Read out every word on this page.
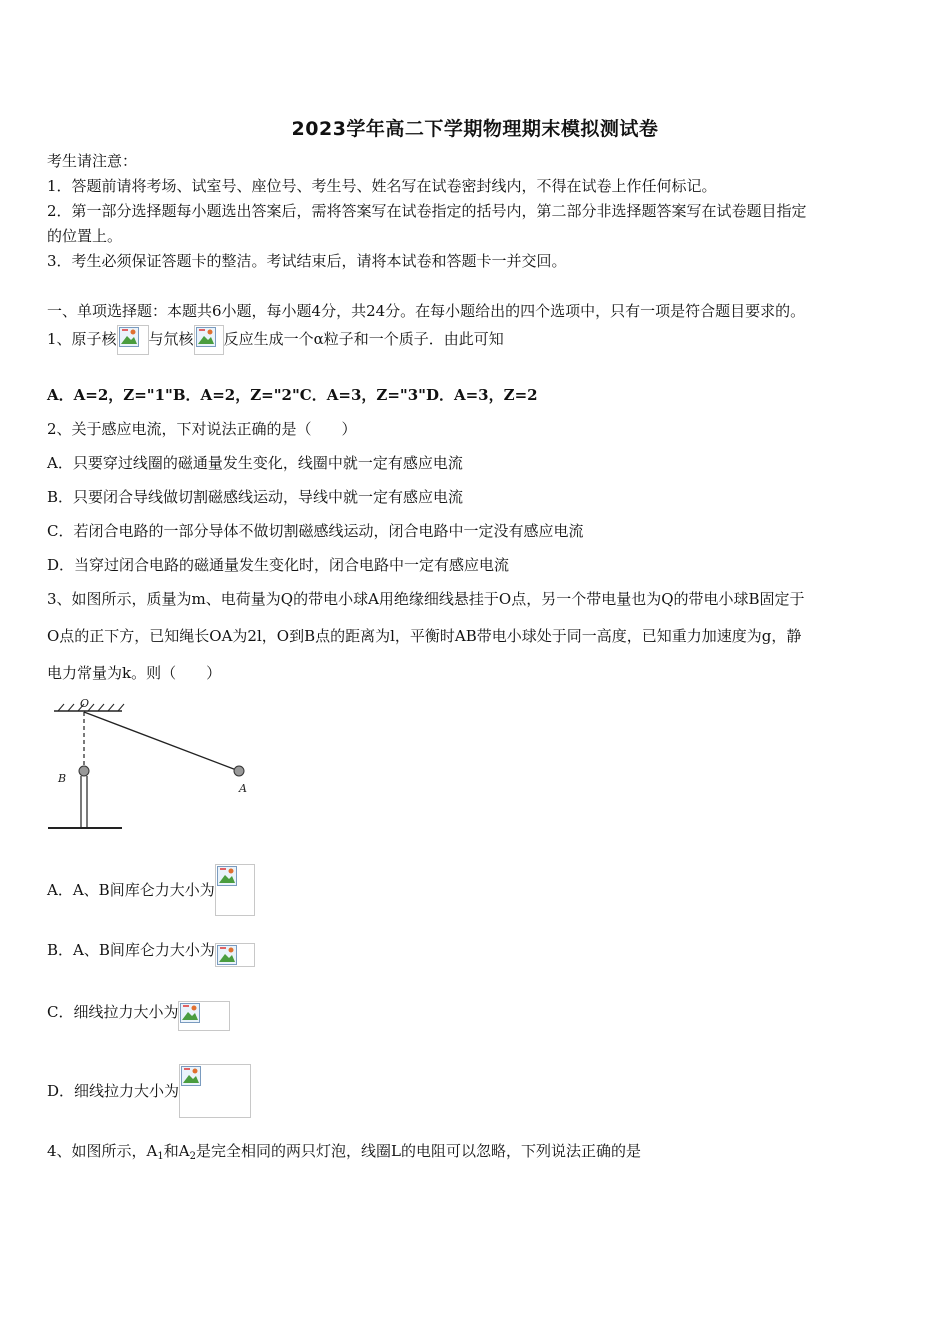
2023学年高二下学期物理期末模拟测试卷
考生请注意：
1．答题前请将考场、试室号、座位号、考生号、姓名写在试卷密封线内，不得在试卷上作任何标记。
2．第一部分选择题每小题选出答案后，需将答案写在试卷指定的括号内，第二部分非选择题答案写在试卷题目指定
的位置上。
3．考生必须保证答题卡的整洁。考试结束后，请将本试卷和答题卡一并交回。
一、单项选择题：本题共6小题，每小题4分，共24分。在每小题给出的四个选项中，只有一项是符合题目要求的。
1、原子核 与氘核 反应生成一个α粒子和一个质子．由此可知
A．A=2，Z="1"B．A=2，Z="2"C．A=3，Z="3"D．A=3，Z=2
2、关于感应电流，下对说法正确的是（　　）
A．只要穿过线圈的磁通量发生变化，线圈中就一定有感应电流
B．只要闭合导线做切割磁感线运动，导线中就一定有感应电流
C．若闭合电路的一部分导体不做切割磁感线运动，闭合电路中一定没有感应电流
D．当穿过闭合电路的磁通量发生变化时，闭合电路中一定有感应电流
3、如图所示，质量为m、电荷量为Q的带电小球A用绝缘细线悬挂于O点，另一个带电量也为Q的带电小球B固定于
O点的正下方，已知绳长OA为2l，O到B点的距离为l，平衡时AB带电小球处于同一高度，已知重力加速度为g，静
电力常量为k。则（　　）
O
A
B
A．A、B间库仑力大小为
B．A、B间库仑力大小为
C．细线拉力大小为
D．细线拉力大小为
4、如图所示，$A_1$和$A_2$是完全相同的两只灯泡，线圈L的电阻可以忽略，下列说法正确的是
